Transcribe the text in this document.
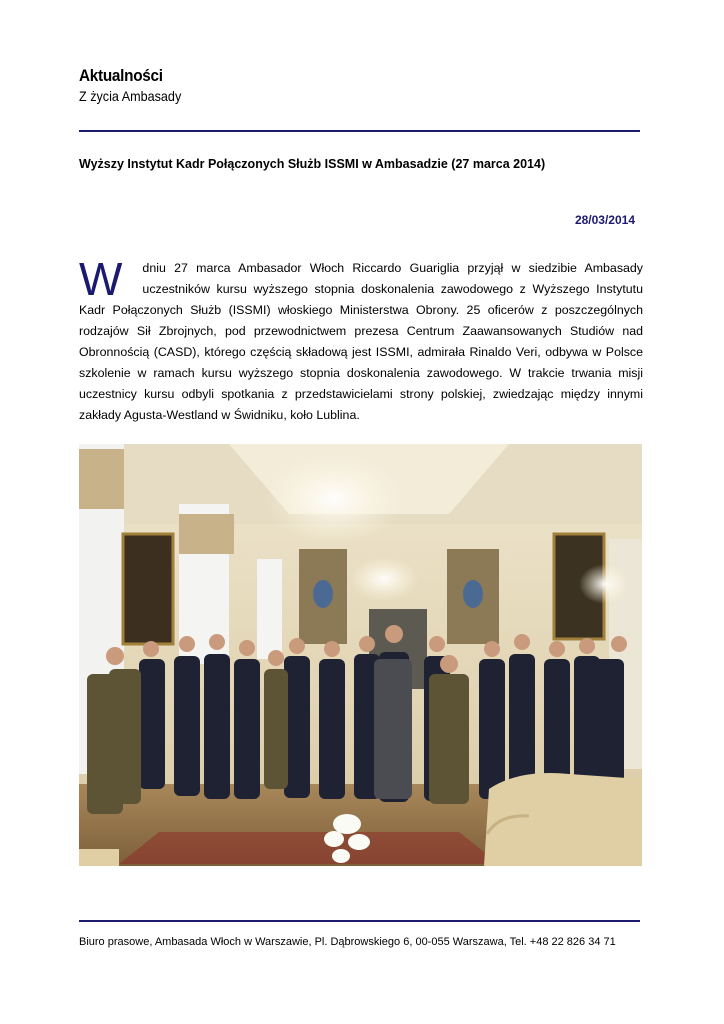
Aktualności
Z życia Ambasady
Wyższy Instytut Kadr Połączonych Służb ISSMI w Ambasadzie (27 marca 2014)
28/03/2014

W dniu 27 marca Ambasador Włoch Riccardo Guariglia przyjął w siedzibie Ambasady uczestników kursu wyższego stopnia doskonalenia zawodowego z Wyższego Instytutu Kadr Połączonych Służb (ISSMI) włoskiego Ministerstwa Obrony. 25 oficerów z poszczególnych rodzajów Sił Zbrojnych, pod przewodnictwem prezesa Centrum Zaawansowanych Studiów nad Obronnością (CASD), którego częścią składową jest ISSMI, admirała Rinaldo Veri, odbywa w Polsce szkolenie w ramach kursu wyższego stopnia doskonalenia zawodowego. W trakcie trwania misji uczestnicy kursu odbyli spotkania z przedstawicielami strony polskiej, zwiedzając między innymi zakłady Agusta-Westland w Świdniku, koło Lublina.

Biuro prasowe, Ambasada Włoch w Warszawie, Pl. Dąbrowskiego 6, 00-055 Warszawa, Tel. +48 22 826 34 71
